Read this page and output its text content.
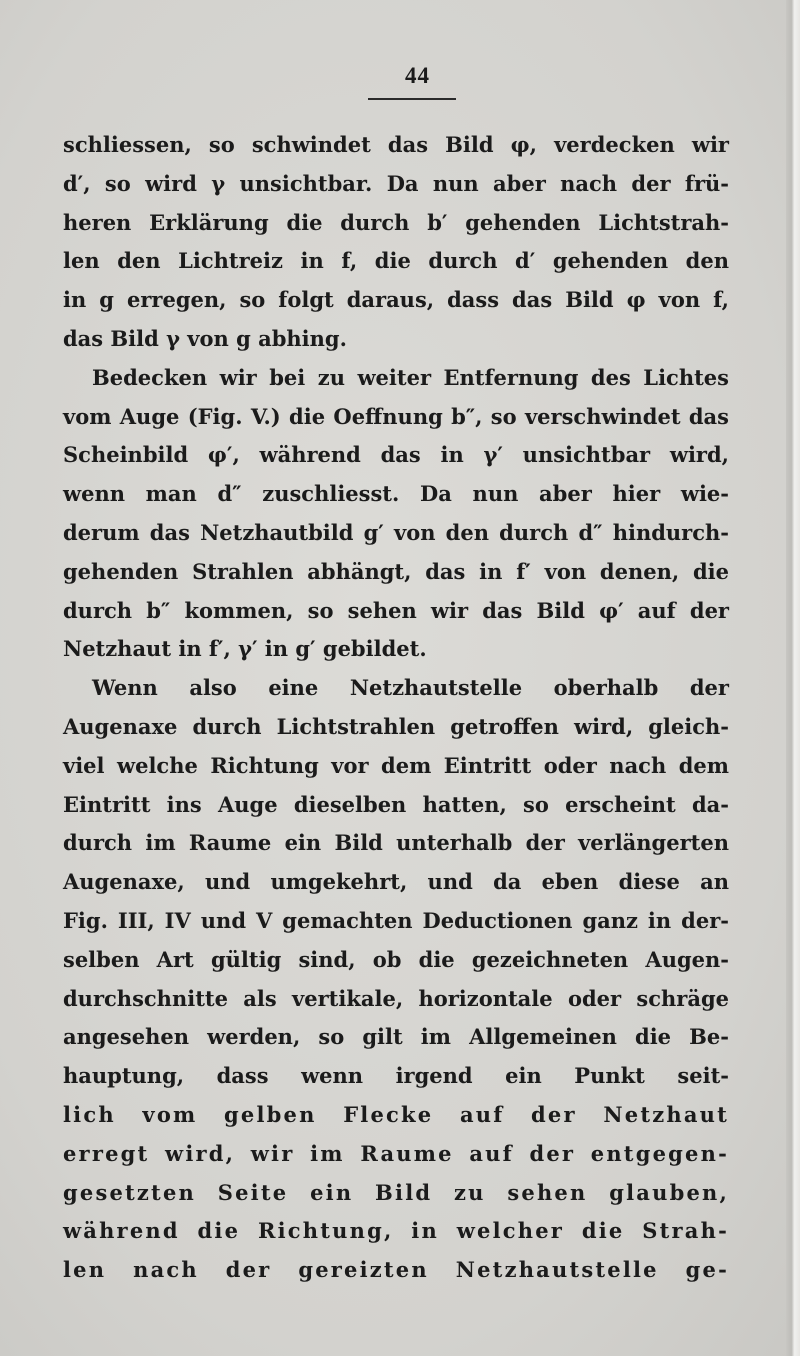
44
schliessen, so schwindet das Bild φ, verdecken wir
d′, so wird γ unsichtbar. Da nun aber nach der frü-
heren Erklärung die durch b′ gehenden Lichtstrah-
len den Lichtreiz in f, die durch d′ gehenden den
in g erregen, so folgt daraus, dass das Bild φ von f,
das Bild γ von g abhing.
Bedecken wir bei zu weiter Entfernung des Lichtes
vom Auge (Fig. V.) die Oeffnung b″, so verschwindet das
Scheinbild φ′, während das in γ′ unsichtbar wird,
wenn man d″ zuschliesst. Da nun aber hier wie-
derum das Netzhautbild g′ von den durch d″ hindurch-
gehenden Strahlen abhängt, das in f′ von denen, die
durch b″ kommen, so sehen wir das Bild φ′ auf der
Netzhaut in f′, γ′ in g′ gebildet.
Wenn also eine Netzhautstelle oberhalb der
Augenaxe durch Lichtstrahlen getroffen wird, gleich-
viel welche Richtung vor dem Eintritt oder nach dem
Eintritt ins Auge dieselben hatten, so erscheint da-
durch im Raume ein Bild unterhalb der verlängerten
Augenaxe, und umgekehrt, und da eben diese an
Fig. III, IV und V gemachten Deductionen ganz in der-
selben Art gültig sind, ob die gezeichneten Augen-
durchschnitte als vertikale, horizontale oder schräge
angesehen werden, so gilt im Allgemeinen die Be-
hauptung, dass wenn irgend ein Punkt seit-
lich vom gelben Flecke auf der Netzhaut
erregt wird, wir im Raume auf der entgegen-
gesetzten Seite ein Bild zu sehen glauben,
während die Richtung, in welcher die Strah-
len nach der gereizten Netzhautstelle ge-
